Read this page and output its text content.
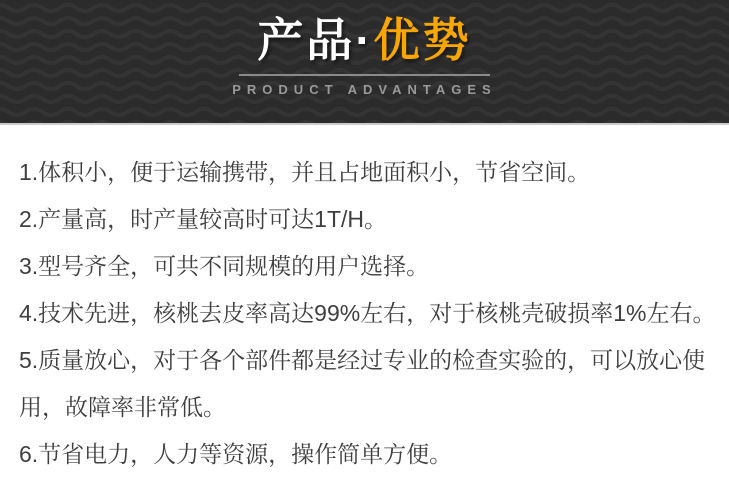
产品·优势
PRODUCT ADVANTAGES

1.体积小，便于运输携带，并且占地面积小，节省空间。

2.产量高，时产量较高时可达1T/H。

3.型号齐全，可共不同规模的用户选择。

4.技术先进，核桃去皮率高达99%左右，对于核桃壳破损率1%左右。

5.质量放心，对于各个部件都是经过专业的检查实验的，可以放心使用，故障率非常低。

6.节省电力，人力等资源，操作简单方便。
